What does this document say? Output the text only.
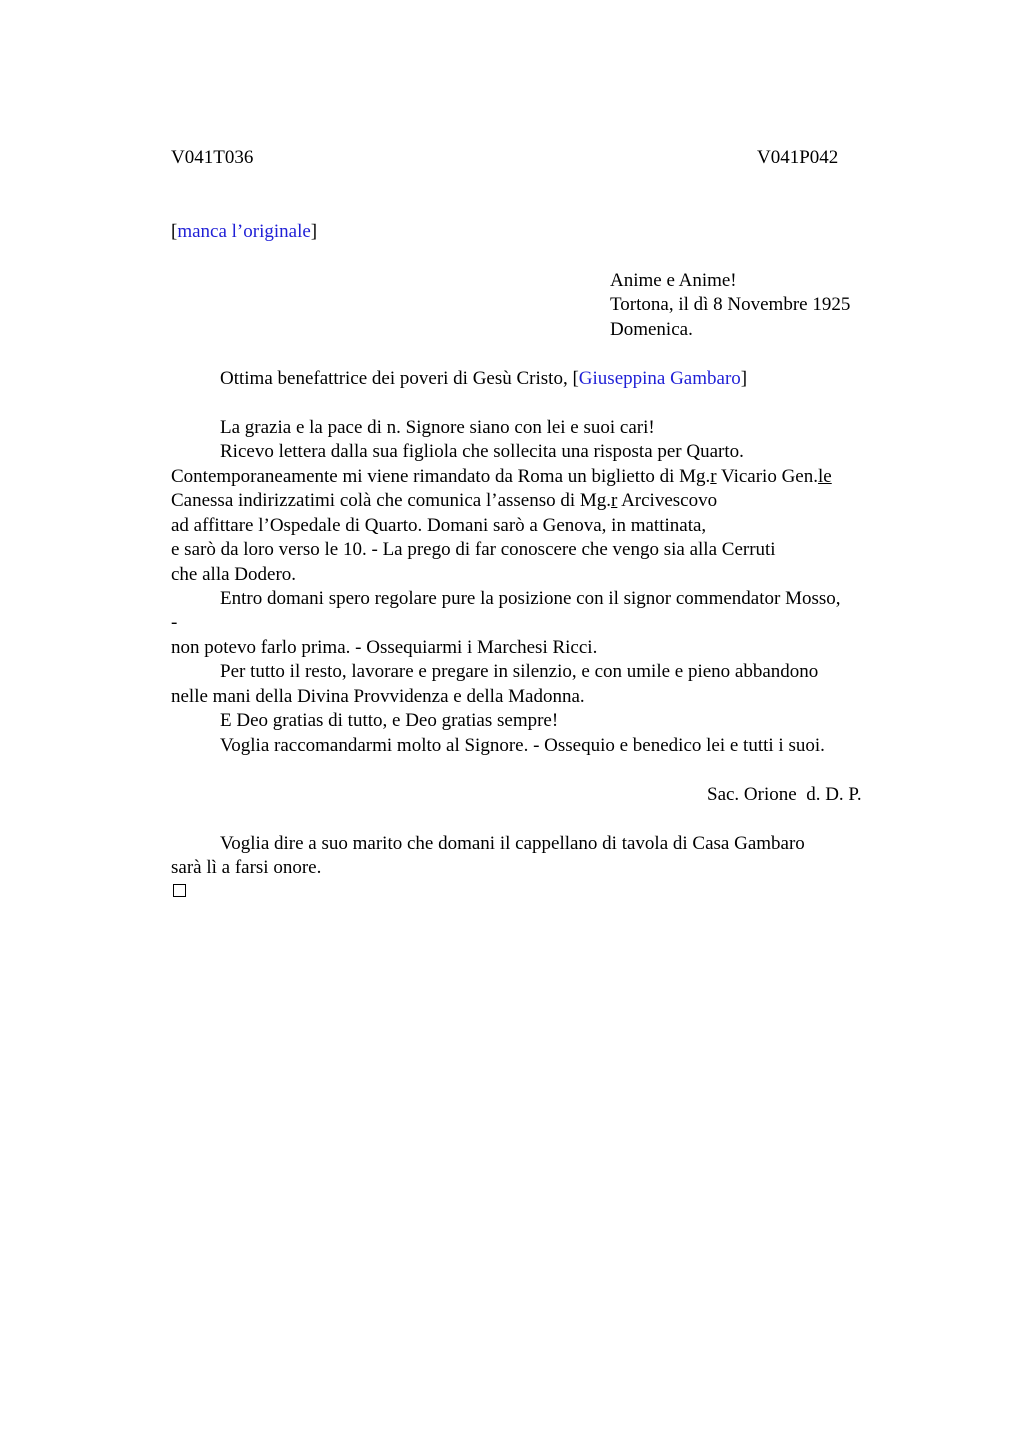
V041T036	V041P042
[manca l’originale]
Anime e Anime!
Tortona, il dì 8 Novembre 1925
Domenica.
Ottima benefattrice dei poveri di Gesù Cristo, [Giuseppina Gambaro]
La grazia e la pace di n. Signore siano con lei e suoi cari!
Ricevo lettera dalla sua figliola che sollecita una risposta per Quarto.
Contemporaneamente mi viene rimandato da Roma un biglietto di Mg.r Vicario Gen.le
Canessa indirizzatimi colà che comunica l’assenso di Mg.r Arcivescovo
ad affittare l’Ospedale di Quarto. Domani sarò a Genova, in mattinata,
e sarò da loro verso le 10. - La prego di far conoscere che vengo sia alla Cerruti
che alla Dodero.
Entro domani spero regolare pure la posizione con il signor commendator Mosso,
-
non potevo farlo prima. - Ossequiarmi i Marchesi Ricci.
Per tutto il resto, lavorare e pregare in silenzio, e con umile e pieno abbandono
nelle mani della Divina Provvidenza e della Madonna.
E Deo gratias di tutto, e Deo gratias sempre!
Voglia raccomandarmi molto al Signore. - Ossequio e benedico lei e tutti i suoi.
Sac. Orione  d. D. P.
Voglia dire a suo marito che domani il cappellano di tavola di Casa Gambaro
sarà lì a farsi onore.
